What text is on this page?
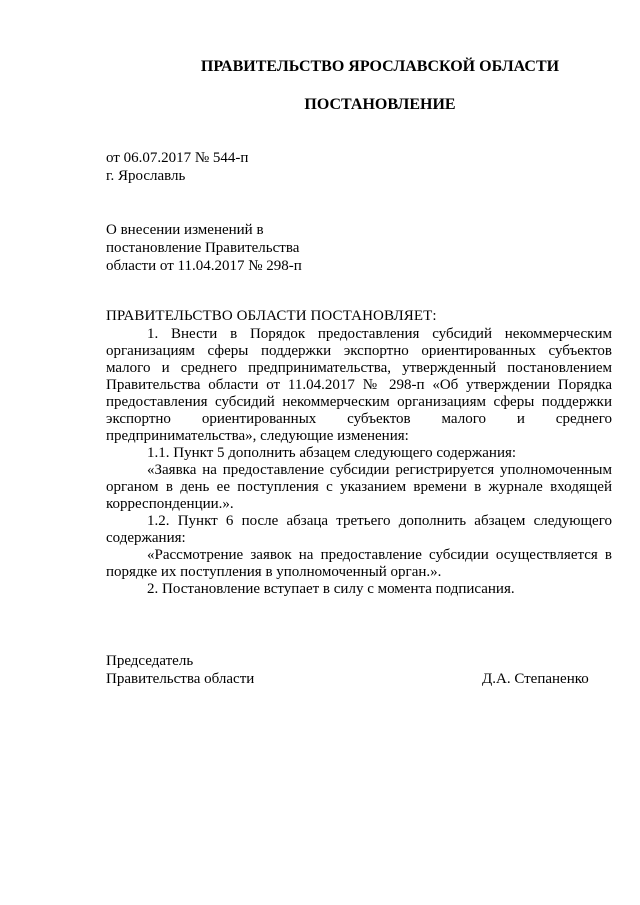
ПРАВИТЕЛЬСТВО ЯРОСЛАВСКОЙ ОБЛАСТИ
ПОСТАНОВЛЕНИЕ
от 06.07.2017 № 544-п
г. Ярославль
О внесении изменений в
постановление Правительства
области от 11.04.2017 № 298-п
ПРАВИТЕЛЬСТВО ОБЛАСТИ ПОСТАНОВЛЯЕТ:

1. Внести в Порядок предоставления субсидий некоммерческим организациям сферы поддержки экспортно ориентированных субъектов малого и среднего предпринимательства, утвержденный постановлением Правительства области от 11.04.2017 № 298-п «Об утверждении Порядка предоставления субсидий некоммерческим организациям сферы поддержки экспортно ориентированных субъектов малого и среднего предпринимательства», следующие изменения:

1.1. Пункт 5 дополнить абзацем следующего содержания:

«Заявка на предоставление субсидии регистрируется уполномоченным органом в день ее поступления с указанием времени в журнале входящей корреспонденции.».

1.2. Пункт 6 после абзаца третьего дополнить абзацем следующего содержания:

«Рассмотрение заявок на предоставление субсидии осуществляется в порядке их поступления в уполномоченный орган.».

2. Постановление вступает в силу с момента подписания.

Председатель
Правительства области	Д.А. Степаненко
